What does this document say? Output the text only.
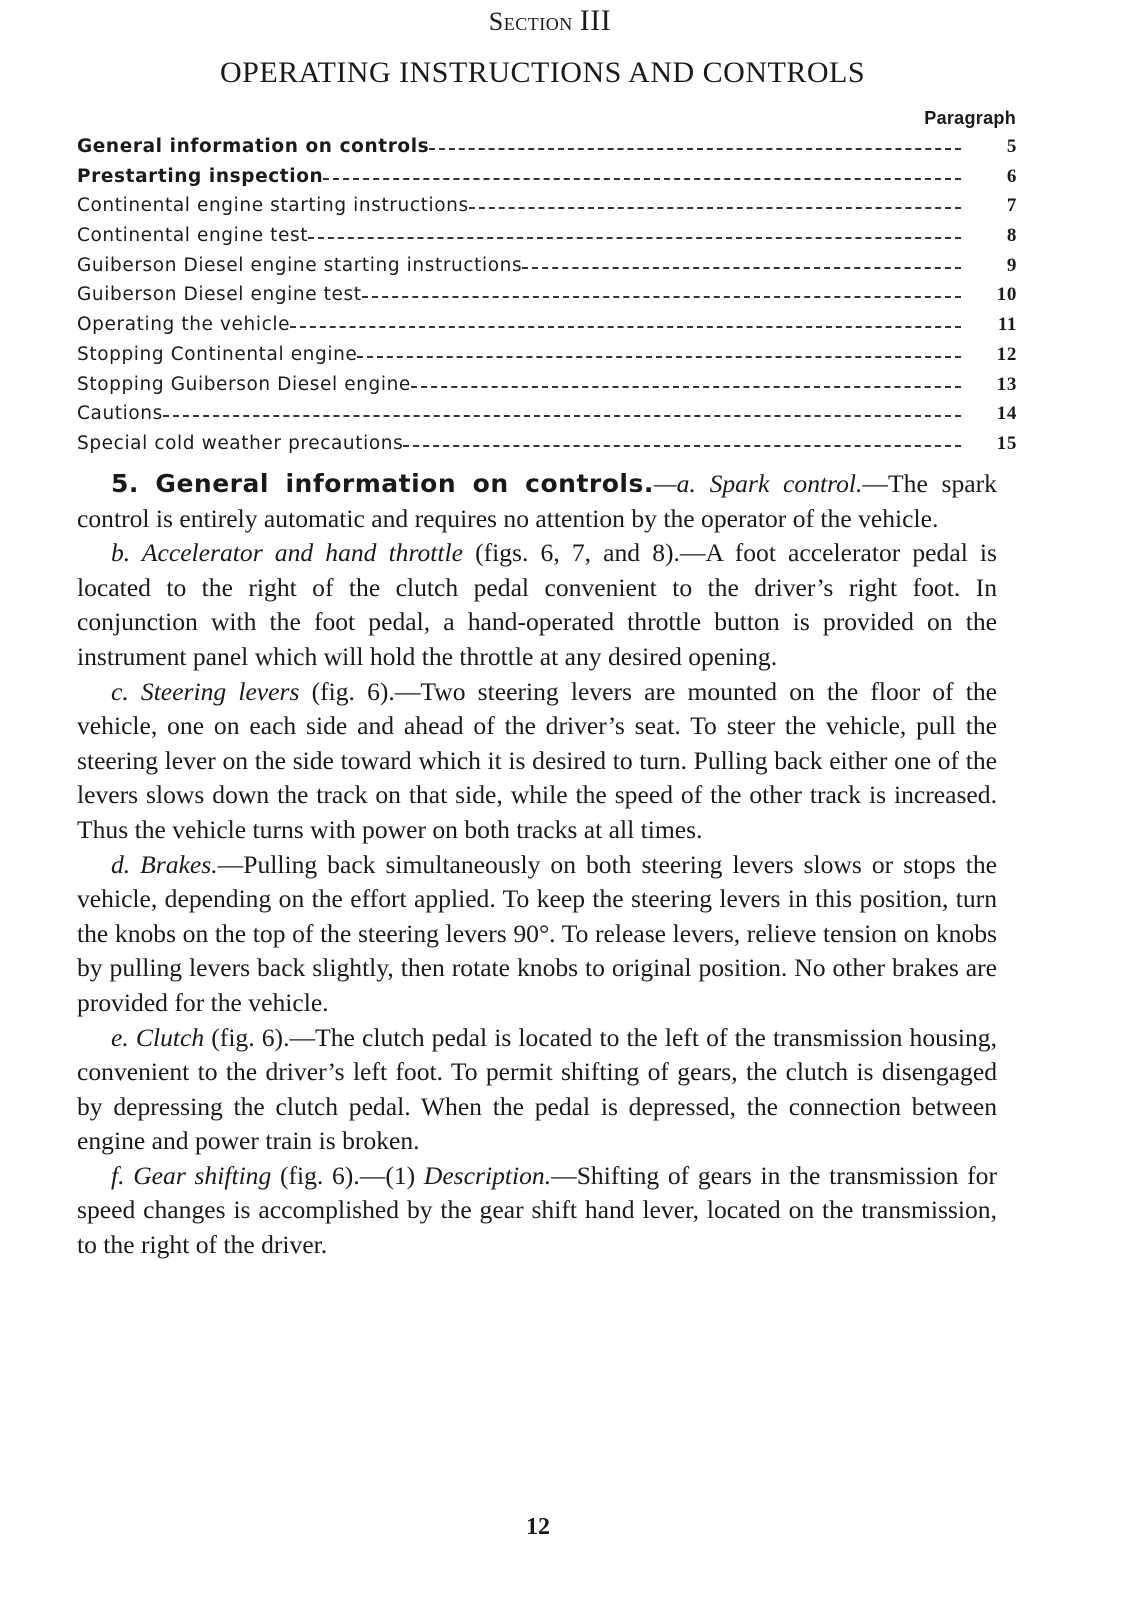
Section III
OPERATING INSTRUCTIONS AND CONTROLS
Paragraph
General information on controls	5
Prestarting inspection	6
Continental engine starting instructions	7
Continental engine test	8
Guiberson Diesel engine starting instructions	9
Guiberson Diesel engine test	10
Operating the vehicle	11
Stopping Continental engine	12
Stopping Guiberson Diesel engine	13
Cautions	14
Special cold weather precautions	15

5. General information on controls.—a. Spark control.—The spark control is entirely automatic and requires no attention by the operator of the vehicle.

b. Accelerator and hand throttle (figs. 6, 7, and 8).—A foot accelerator pedal is located to the right of the clutch pedal convenient to the driver’s right foot. In conjunction with the foot pedal, a hand-operated throttle button is provided on the instrument panel which will hold the throttle at any desired opening.

c. Steering levers (fig. 6).—Two steering levers are mounted on the floor of the vehicle, one on each side and ahead of the driver’s seat. To steer the vehicle, pull the steering lever on the side toward which it is desired to turn. Pulling back either one of the levers slows down the track on that side, while the speed of the other track is increased. Thus the vehicle turns with power on both tracks at all times.

d. Brakes.—Pulling back simultaneously on both steering levers slows or stops the vehicle, depending on the effort applied. To keep the steering levers in this position, turn the knobs on the top of the steering levers 90°. To release levers, relieve tension on knobs by pulling levers back slightly, then rotate knobs to original position. No other brakes are provided for the vehicle.

e. Clutch (fig. 6).—The clutch pedal is located to the left of the transmission housing, convenient to the driver’s left foot. To permit shifting of gears, the clutch is disengaged by depressing the clutch pedal. When the pedal is depressed, the connection between engine and power train is broken.

f. Gear shifting (fig. 6).—(1) Description.—Shifting of gears in the transmission for speed changes is accomplished by the gear shift hand lever, located on the transmission, to the right of the driver.

12
